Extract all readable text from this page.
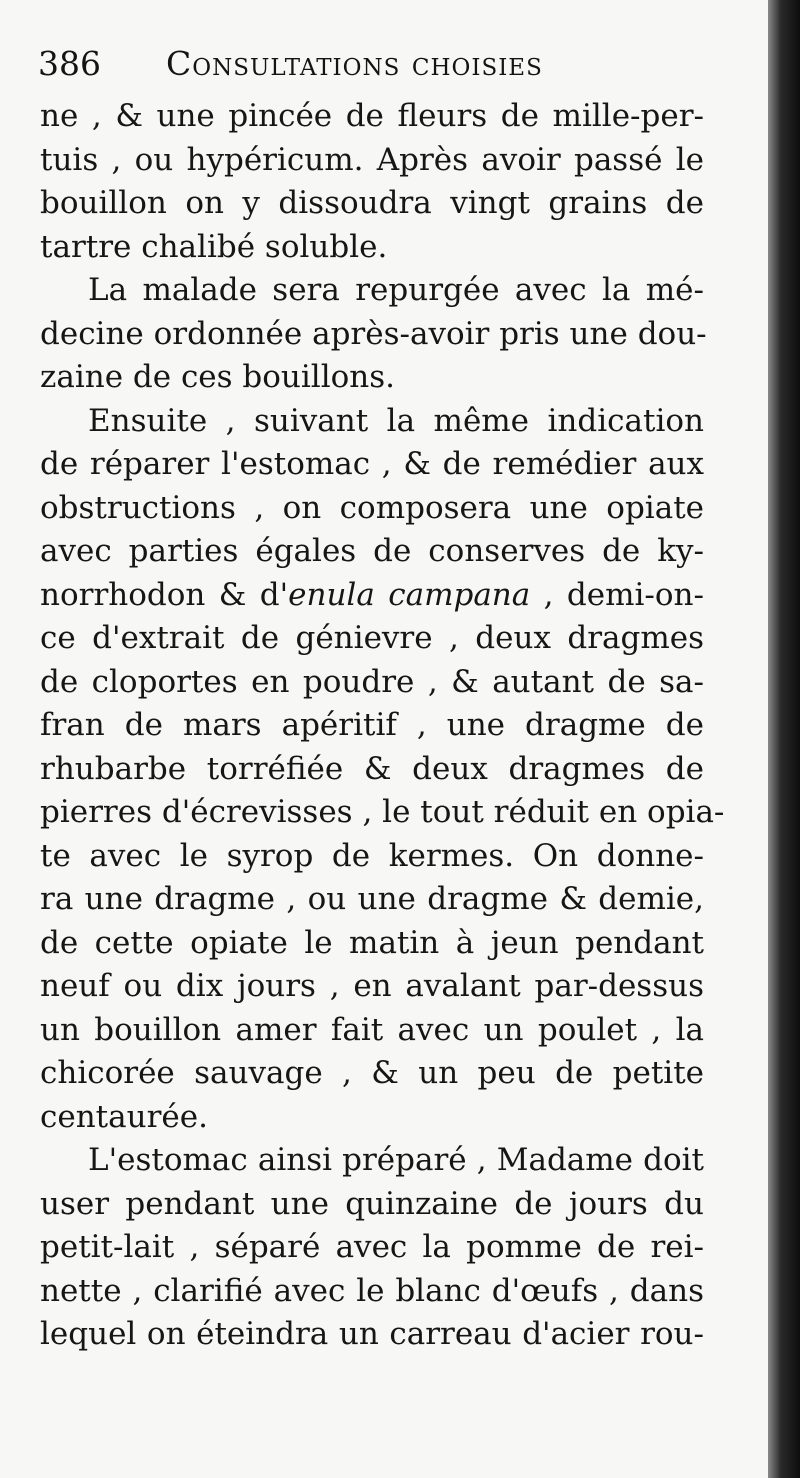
386 Consultations choisies
ne , & une pincée de fleurs de mille-per-
tuis , ou hypéricum. Après avoir passé le
bouillon on y dissoudra vingt grains de
tartre chalibé soluble.
La malade sera repurgée avec la mé-
decine ordonnée après-avoir pris une dou-
zaine de ces bouillons.
Ensuite , suivant la même indication
de réparer l'estomac , & de remédier aux
obstructions , on composera une opiate
avec parties égales de conserves de ky-
norrhodon & d'enula campana , demi-on-
ce d'extrait de génievre , deux dragmes
de cloportes en poudre , & autant de sa-
fran de mars apéritif , une dragme de
rhubarbe torréfiée & deux dragmes de
pierres d'écrevisses , le tout réduit en opia-
te avec le syrop de kermes. On donne-
ra une dragme , ou une dragme & demie,
de cette opiate le matin à jeun pendant
neuf ou dix jours , en avalant par-dessus
un bouillon amer fait avec un poulet , la
chicorée sauvage , & un peu de petite
centaurée.
L'estomac ainsi préparé , Madame doit
user pendant une quinzaine de jours du
petit-lait , séparé avec la pomme de rei-
nette , clarifié avec le blanc d'œufs , dans
lequel on éteindra un carreau d'acier rou-
